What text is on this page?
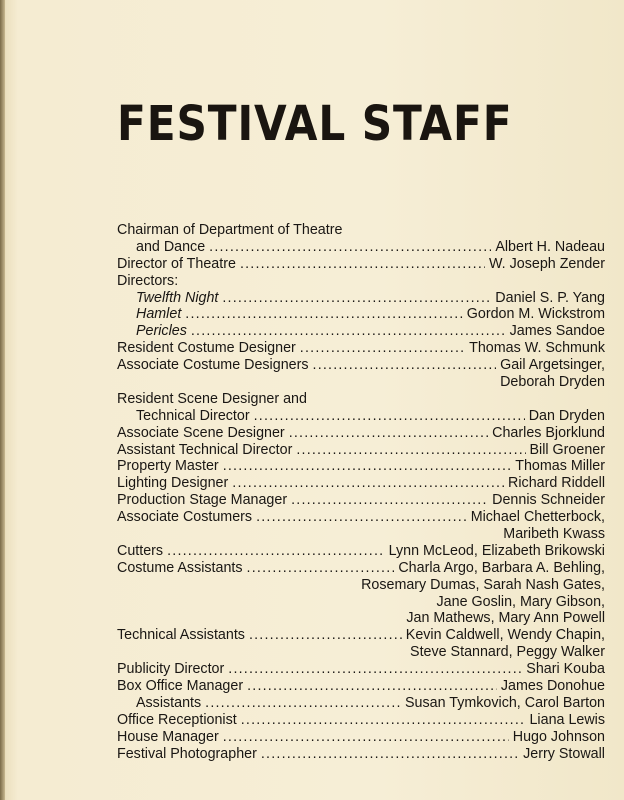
FESTIVAL STAFF
Chairman of Department of Theatre
and Dance .....	Albert H. Nadeau
Director of Theatre .....	W. Joseph Zender
Directors:
Twelfth Night .....	Daniel S. P. Yang
Hamlet .....	Gordon M. Wickstrom
Pericles .....	James Sandoe
Resident Costume Designer .....	Thomas W. Schmunk
Associate Costume Designers .....	Gail Argetsinger,
Deborah Dryden
Resident Scene Designer and
Technical Director .....	Dan Dryden
Associate Scene Designer .....	Charles Bjorklund
Assistant Technical Director .....	Bill Groener
Property Master .....	Thomas Miller
Lighting Designer .....	Richard Riddell
Production Stage Manager .....	Dennis Schneider
Associate Costumers .....	Michael Chetterbock,
Maribeth Kwass
Cutters .....	Lynn McLeod, Elizabeth Brikowski
Costume Assistants .....	Charla Argo, Barbara A. Behling,
Rosemary Dumas, Sarah Nash Gates,
Jane Goslin, Mary Gibson,
Jan Mathews, Mary Ann Powell
Technical Assistants .....	Kevin Caldwell, Wendy Chapin,
Steve Stannard, Peggy Walker
Publicity Director .....	Shari Kouba
Box Office Manager .....	James Donohue
Assistants .....	Susan Tymkovich, Carol Barton
Office Receptionist .....	Liana Lewis
House Manager .....	Hugo Johnson
Festival Photographer .....	Jerry Stowall
